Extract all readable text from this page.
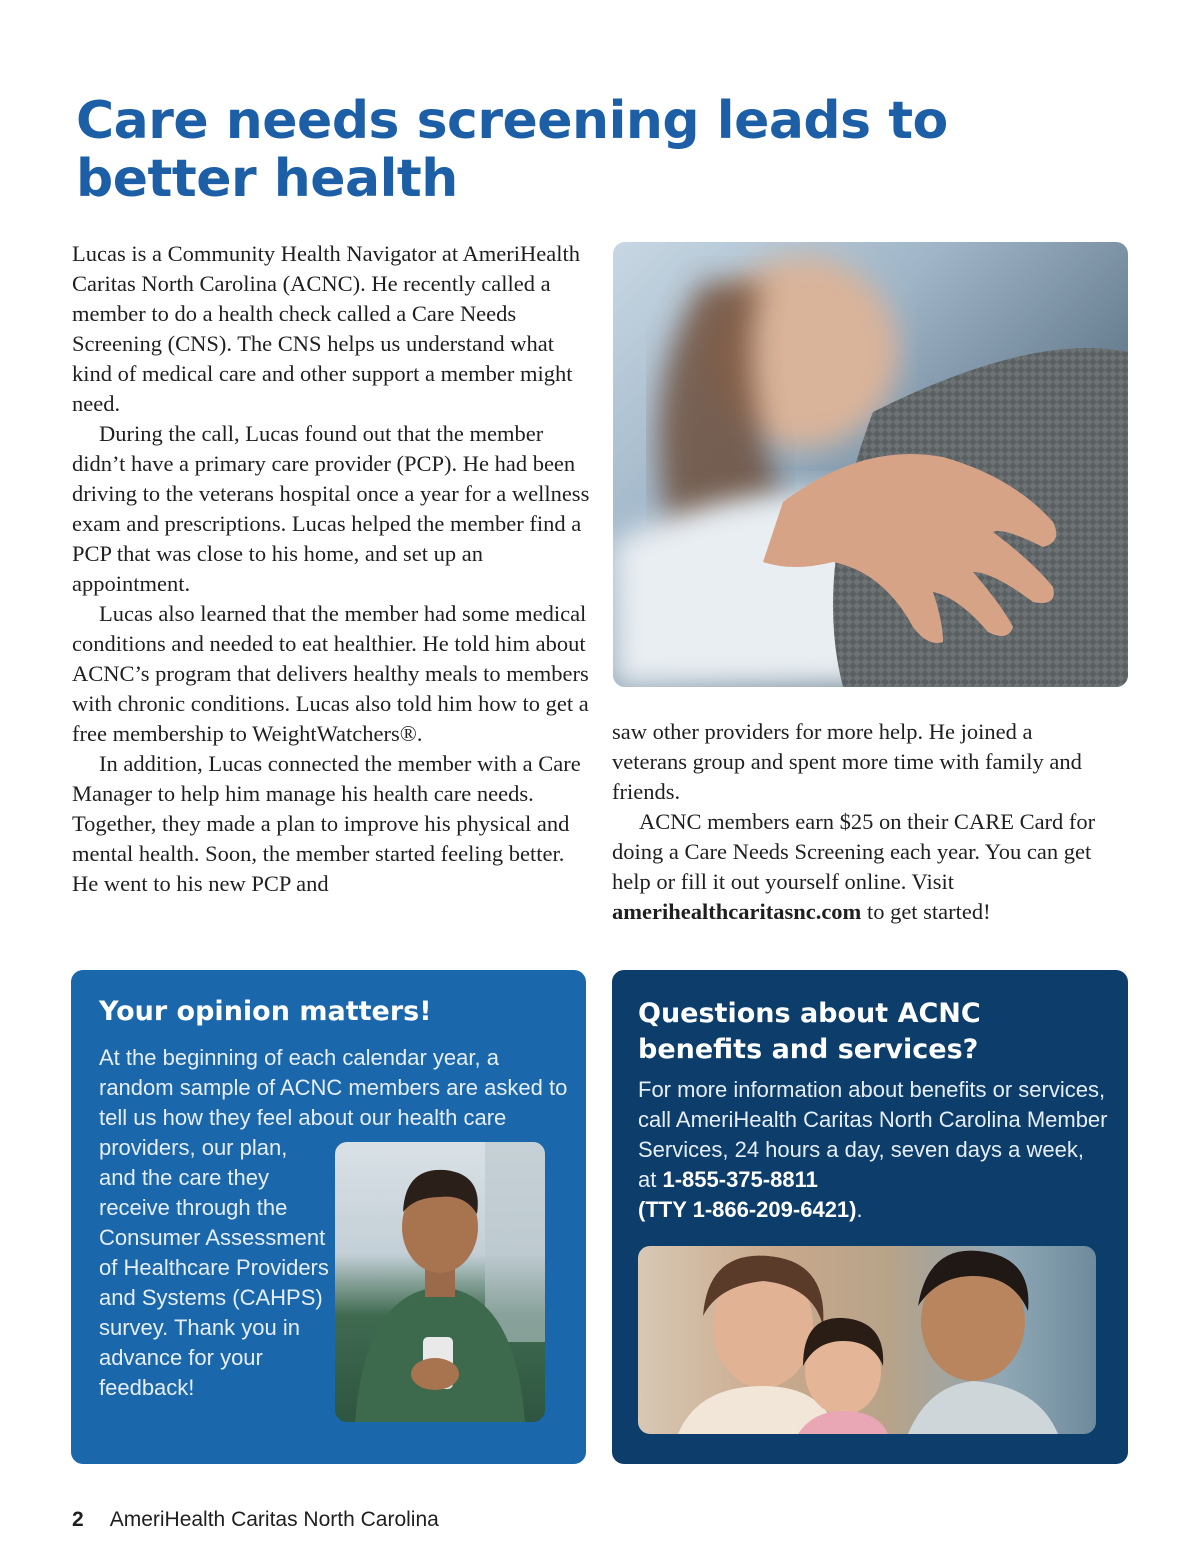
Care needs screening leads to better health

Lucas is a Community Health Navigator at AmeriHealth Caritas North Carolina (ACNC). He recently called a member to do a health check called a Care Needs Screening (CNS). The CNS helps us understand what kind of medical care and other support a member might need.

During the call, Lucas found out that the member didn’t have a primary care provider (PCP). He had been driving to the veterans hospital once a year for a wellness exam and prescriptions. Lucas helped the member find a PCP that was close to his home, and set up an appointment.

Lucas also learned that the member had some medical conditions and needed to eat healthier. He told him about ACNC’s program that delivers healthy meals to members with chronic conditions. Lucas also told him how to get a free membership to WeightWatchers®.

In addition, Lucas connected the member with a Care Manager to help him manage his health care needs. Together, they made a plan to improve his physical and mental health. Soon, the member started feeling better. He went to his new PCP and

saw other providers for more help. He joined a veterans group and spent more time with family and friends.

ACNC members earn $25 on their CARE Card for doing a Care Needs Screening each year. You can get help or fill it out yourself online. Visit amerihealthcaritasnc.com to get started!

Your opinion matters!
At the beginning of each calendar year, a random sample of ACNC members are asked to tell us how they feel about our health care
providers, our plan, and the care they receive through the Consumer Assessment of Healthcare Providers and Systems (CAHPS) survey. Thank you in advance for your feedback!
Questions about ACNC benefits and services?
For more information about benefits or services, call AmeriHealth Caritas North Carolina Member Services, 24 hours a day, seven days a week, at 1-855-375-8811
(TTY 1-866-209-6421).
2 AmeriHealth Caritas North Carolina
